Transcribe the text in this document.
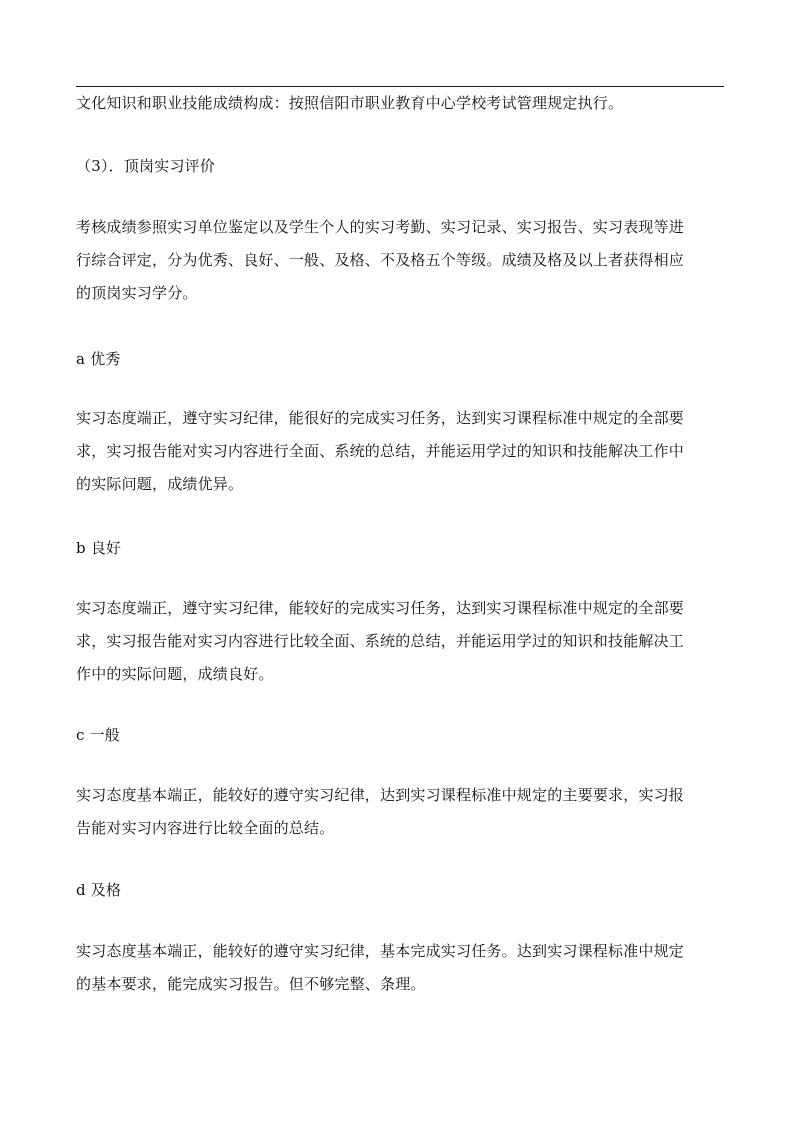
文化知识和职业技能成绩构成：按照信阳市职业教育中心学校考试管理规定执行。
（3）．顶岗实习评价
考核成绩参照实习单位鉴定以及学生个人的实习考勤、实习记录、实习报告、实习表现等进
行综合评定，分为优秀、良好、一般、及格、不及格五个等级。成绩及格及以上者获得相应
的顶岗实习学分。
a 优秀
实习态度端正，遵守实习纪律，能很好的完成实习任务，达到实习课程标准中规定的全部要
求，实习报告能对实习内容进行全面、系统的总结，并能运用学过的知识和技能解决工作中
的实际问题，成绩优异。
b 良好
实习态度端正，遵守实习纪律，能较好的完成实习任务，达到实习课程标准中规定的全部要
求，实习报告能对实习内容进行比较全面、系统的总结，并能运用学过的知识和技能解决工
作中的实际问题，成绩良好。
c 一般
实习态度基本端正，能较好的遵守实习纪律，达到实习课程标准中规定的主要要求，实习报
告能对实习内容进行比较全面的总结。
d 及格
实习态度基本端正，能较好的遵守实习纪律，基本完成实习任务。达到实习课程标准中规定
的基本要求，能完成实习报告。但不够完整、条理。
